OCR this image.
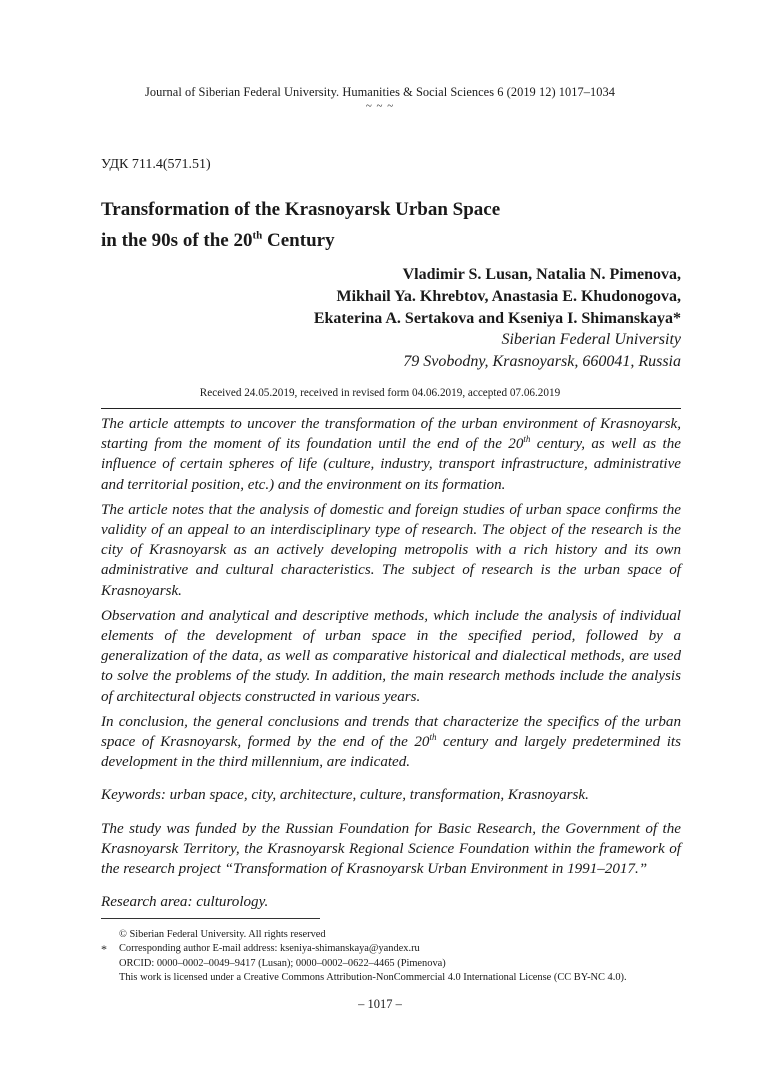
Journal of Siberian Federal University. Humanities & Social Sciences 6 (2019 12) 1017–1034
~ ~ ~
УДК 711.4(571.51)
Transformation of the Krasnoyarsk Urban Space
in the 90s of the 20th Century
Vladimir S. Lusan, Natalia N. Pimenova,
Mikhail Ya. Khrebtov, Anastasia E. Khudonogova,
Ekaterina A. Sertakova and Kseniya I. Shimanskaya*
Siberian Federal University
79 Svobodny, Krasnoyarsk, 660041, Russia
Received 24.05.2019, received in revised form 04.06.2019, accepted 07.06.2019

The article attempts to uncover the transformation of the urban environment of Krasnoyarsk, starting from the moment of its foundation until the end of the 20th century, as well as the influence of certain spheres of life (culture, industry, transport infrastructure, administrative and territorial position, etc.) and the environment on its formation.

The article notes that the analysis of domestic and foreign studies of urban space confirms the validity of an appeal to an interdisciplinary type of research. The object of the research is the city of Krasnoyarsk as an actively developing metropolis with a rich history and its own administrative and cultural characteristics. The subject of research is the urban space of Krasnoyarsk.

Observation and analytical and descriptive methods, which include the analysis of individual elements of the development of urban space in the specified period, followed by a generalization of the data, as well as comparative historical and dialectical methods, are used to solve the problems of the study. In addition, the main research methods include the analysis of architectural objects constructed in various years.

In conclusion, the general conclusions and trends that characterize the specifics of the urban space of Krasnoyarsk, formed by the end of the 20th century and largely predetermined its development in the third millennium, are indicated.

Keywords: urban space, city, architecture, culture, transformation, Krasnoyarsk.

The study was funded by the Russian Foundation for Basic Research, the Government of the Krasnoyarsk Territory, the Krasnoyarsk Regional Science Foundation within the framework of the research project “Transformation of Krasnoyarsk Urban Environment in 1991–2017.”

Research area: culturology.

© Siberian Federal University. All rights reserved
* Corresponding author E-mail address: kseniya-shimanskaya@yandex.ru
ORCID: 0000–0002–0049–9417 (Lusan); 0000–0002–0622–4465 (Pimenova)
This work is licensed under a Creative Commons Attribution-NonCommercial 4.0 International License (CC BY-NC 4.0).
– 1017 –
